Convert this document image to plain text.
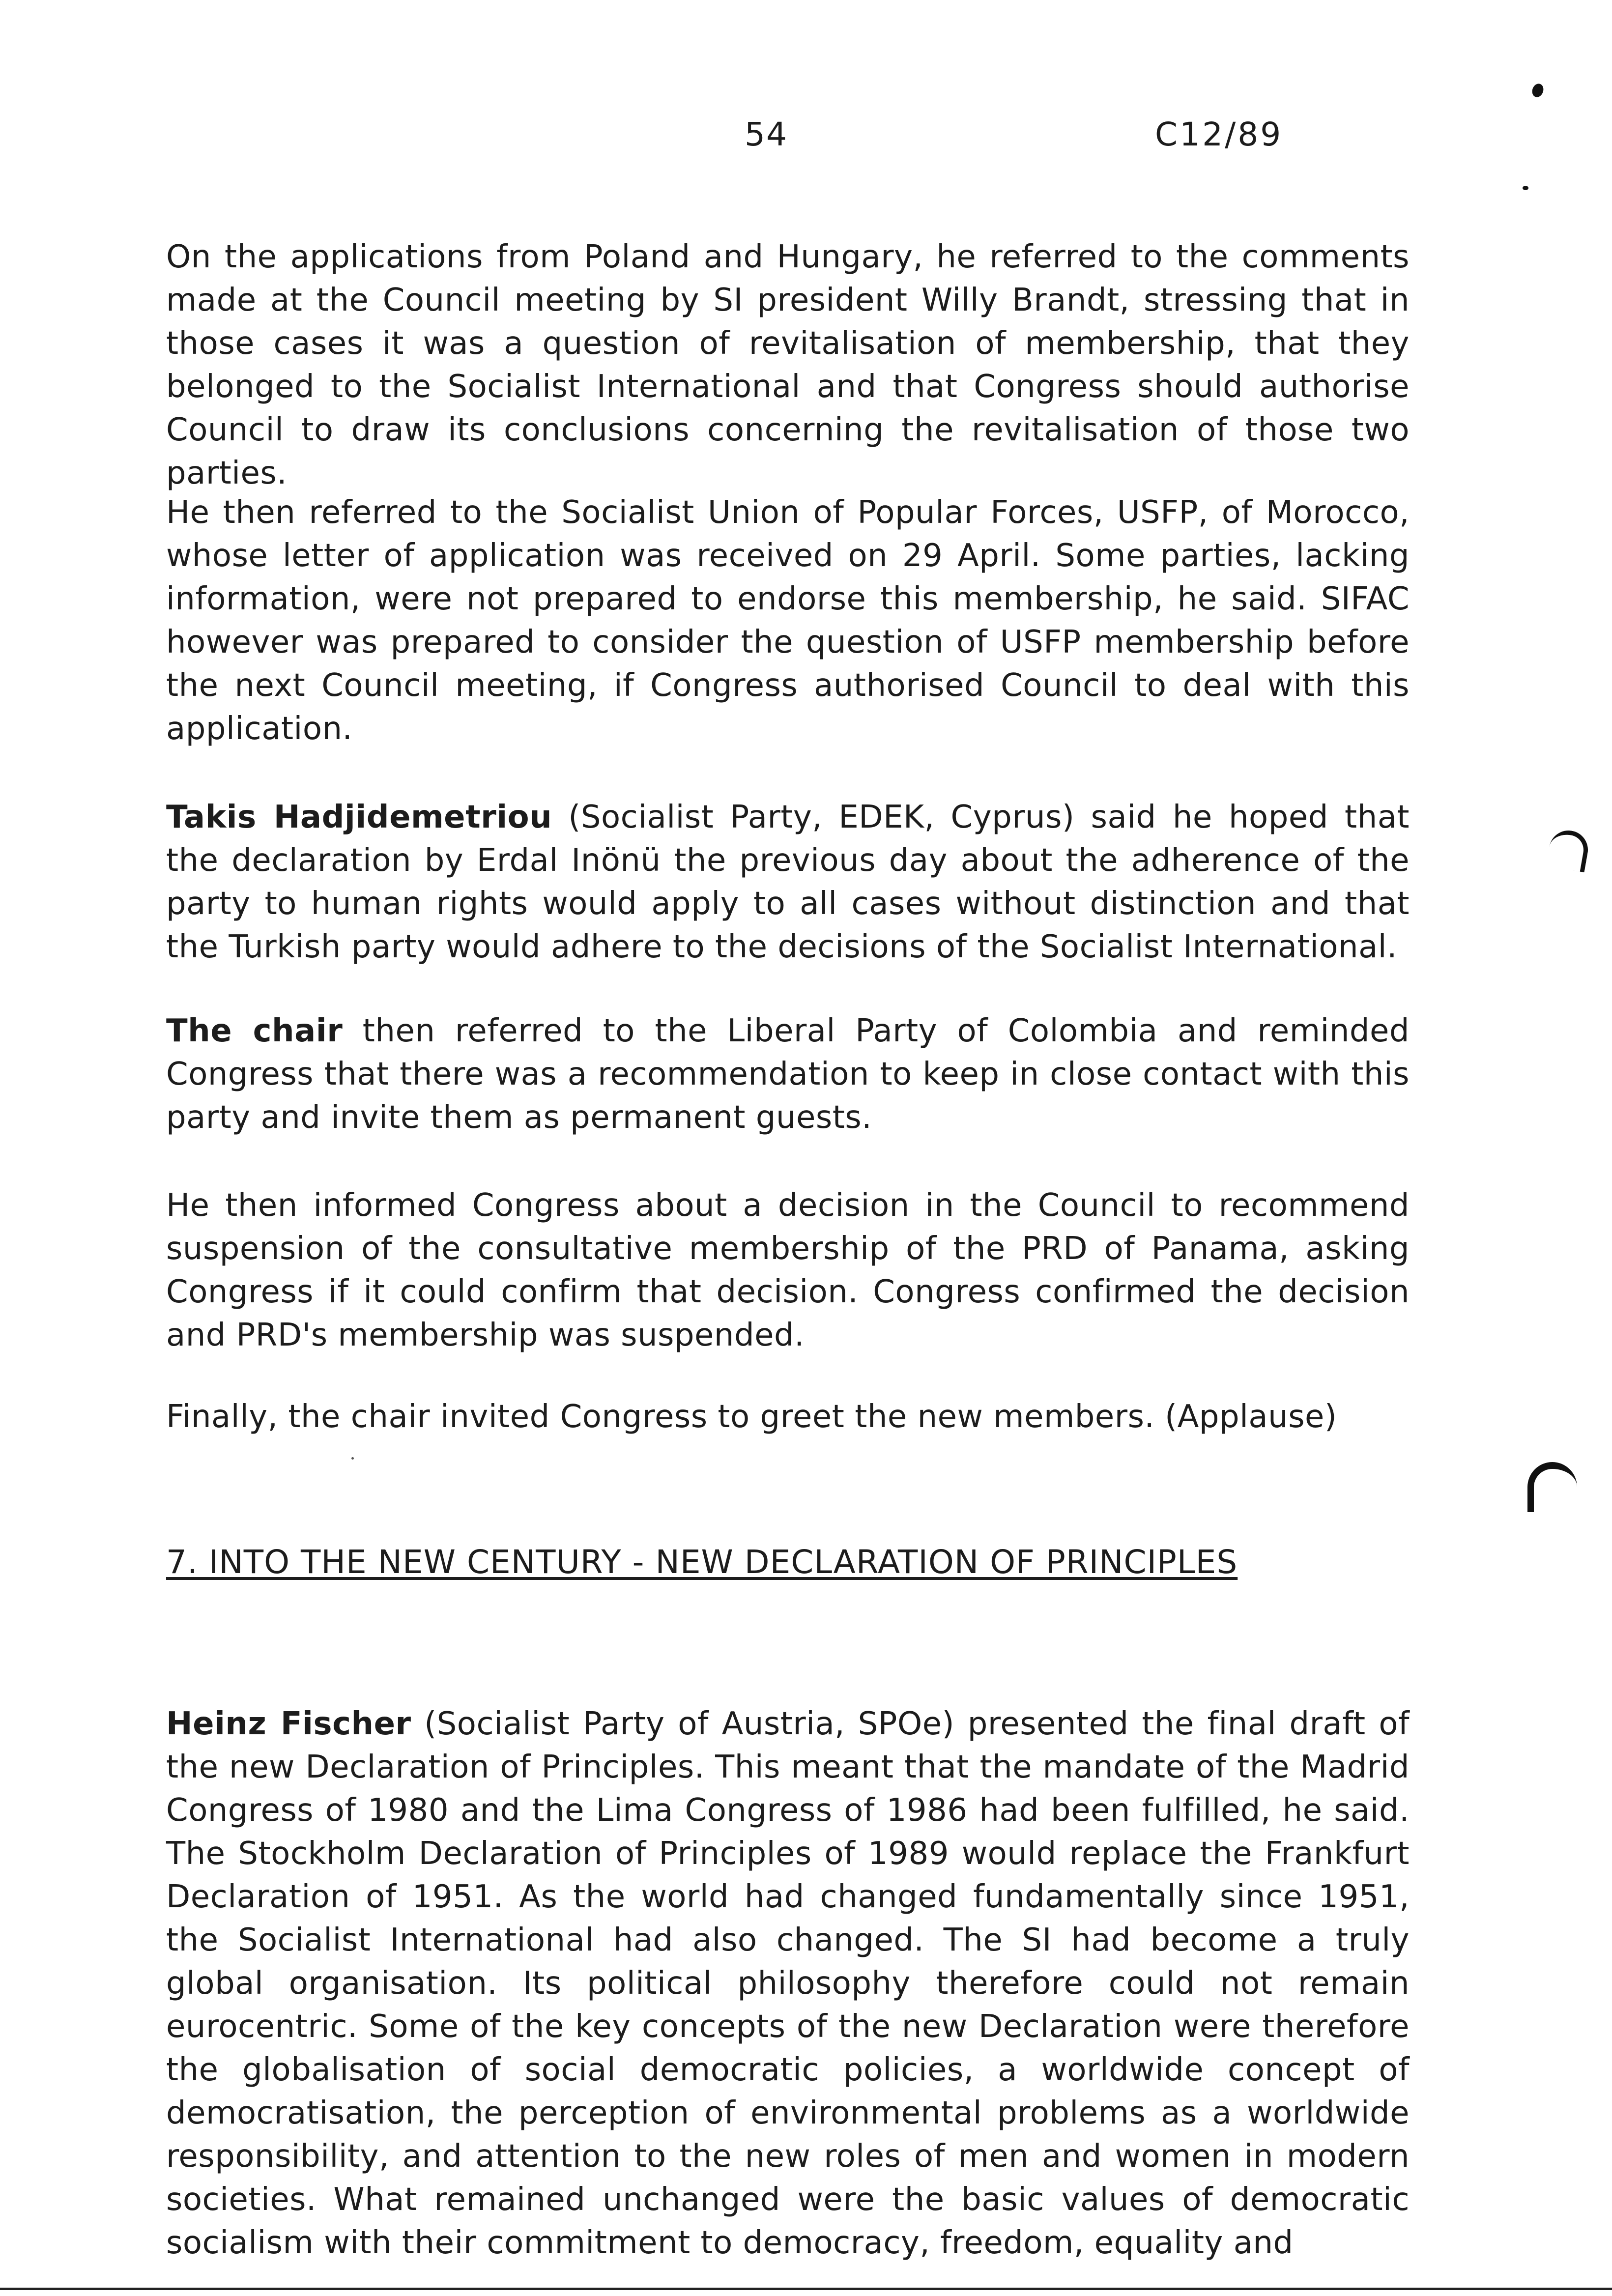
54	C12/89

On the applications from Poland and Hungary, he referred to the comments made at the Council meeting by SI president Willy Brandt, stressing that in those cases it was a question of revitalisation of membership, that they belonged to the Socialist International and that Congress should authorise Council to draw its conclusions concerning the revitalisation of those two parties.

He then referred to the Socialist Union of Popular Forces, USFP, of Morocco, whose letter of application was received on 29 April. Some parties, lacking information, were not prepared to endorse this membership, he said. SIFAC however was prepared to consider the question of USFP membership before the next Council meeting, if Congress authorised Council to deal with this application.

Takis Hadjidemetriou (Socialist Party, EDEK, Cyprus) said he hoped that the declaration by Erdal Inönü the previous day about the adherence of the party to human rights would apply to all cases without distinction and that the Turkish party would adhere to the decisions of the Socialist International.

The chair then referred to the Liberal Party of Colombia and reminded Congress that there was a recommendation to keep in close contact with this party and invite them as permanent guests.

He then informed Congress about a decision in the Council to recommend suspension of the consultative membership of the PRD of Panama, asking Congress if it could confirm that decision. Congress confirmed the decision and PRD's membership was suspended.

Finally, the chair invited Congress to greet the new members. (Applause)

7. INTO THE NEW CENTURY - NEW DECLARATION OF PRINCIPLES

Heinz Fischer (Socialist Party of Austria, SPOe) presented the final draft of the new Declaration of Principles. This meant that the mandate of the Madrid Congress of 1980 and the Lima Congress of 1986 had been fulfilled, he said. The Stockholm Declaration of Principles of 1989 would replace the Frankfurt Declaration of 1951. As the world had changed fundamentally since 1951, the Socialist International had also changed. The SI had become a truly global organisation. Its political philosophy therefore could not remain eurocentric. Some of the key concepts of the new Declaration were therefore the globalisation of social democratic policies, a worldwide concept of democratisation, the perception of environmental problems as a worldwide responsibility, and attention to the new roles of men and women in modern societies. What remained unchanged were the basic values of democratic socialism with their commitment to democracy, freedom, equality and
